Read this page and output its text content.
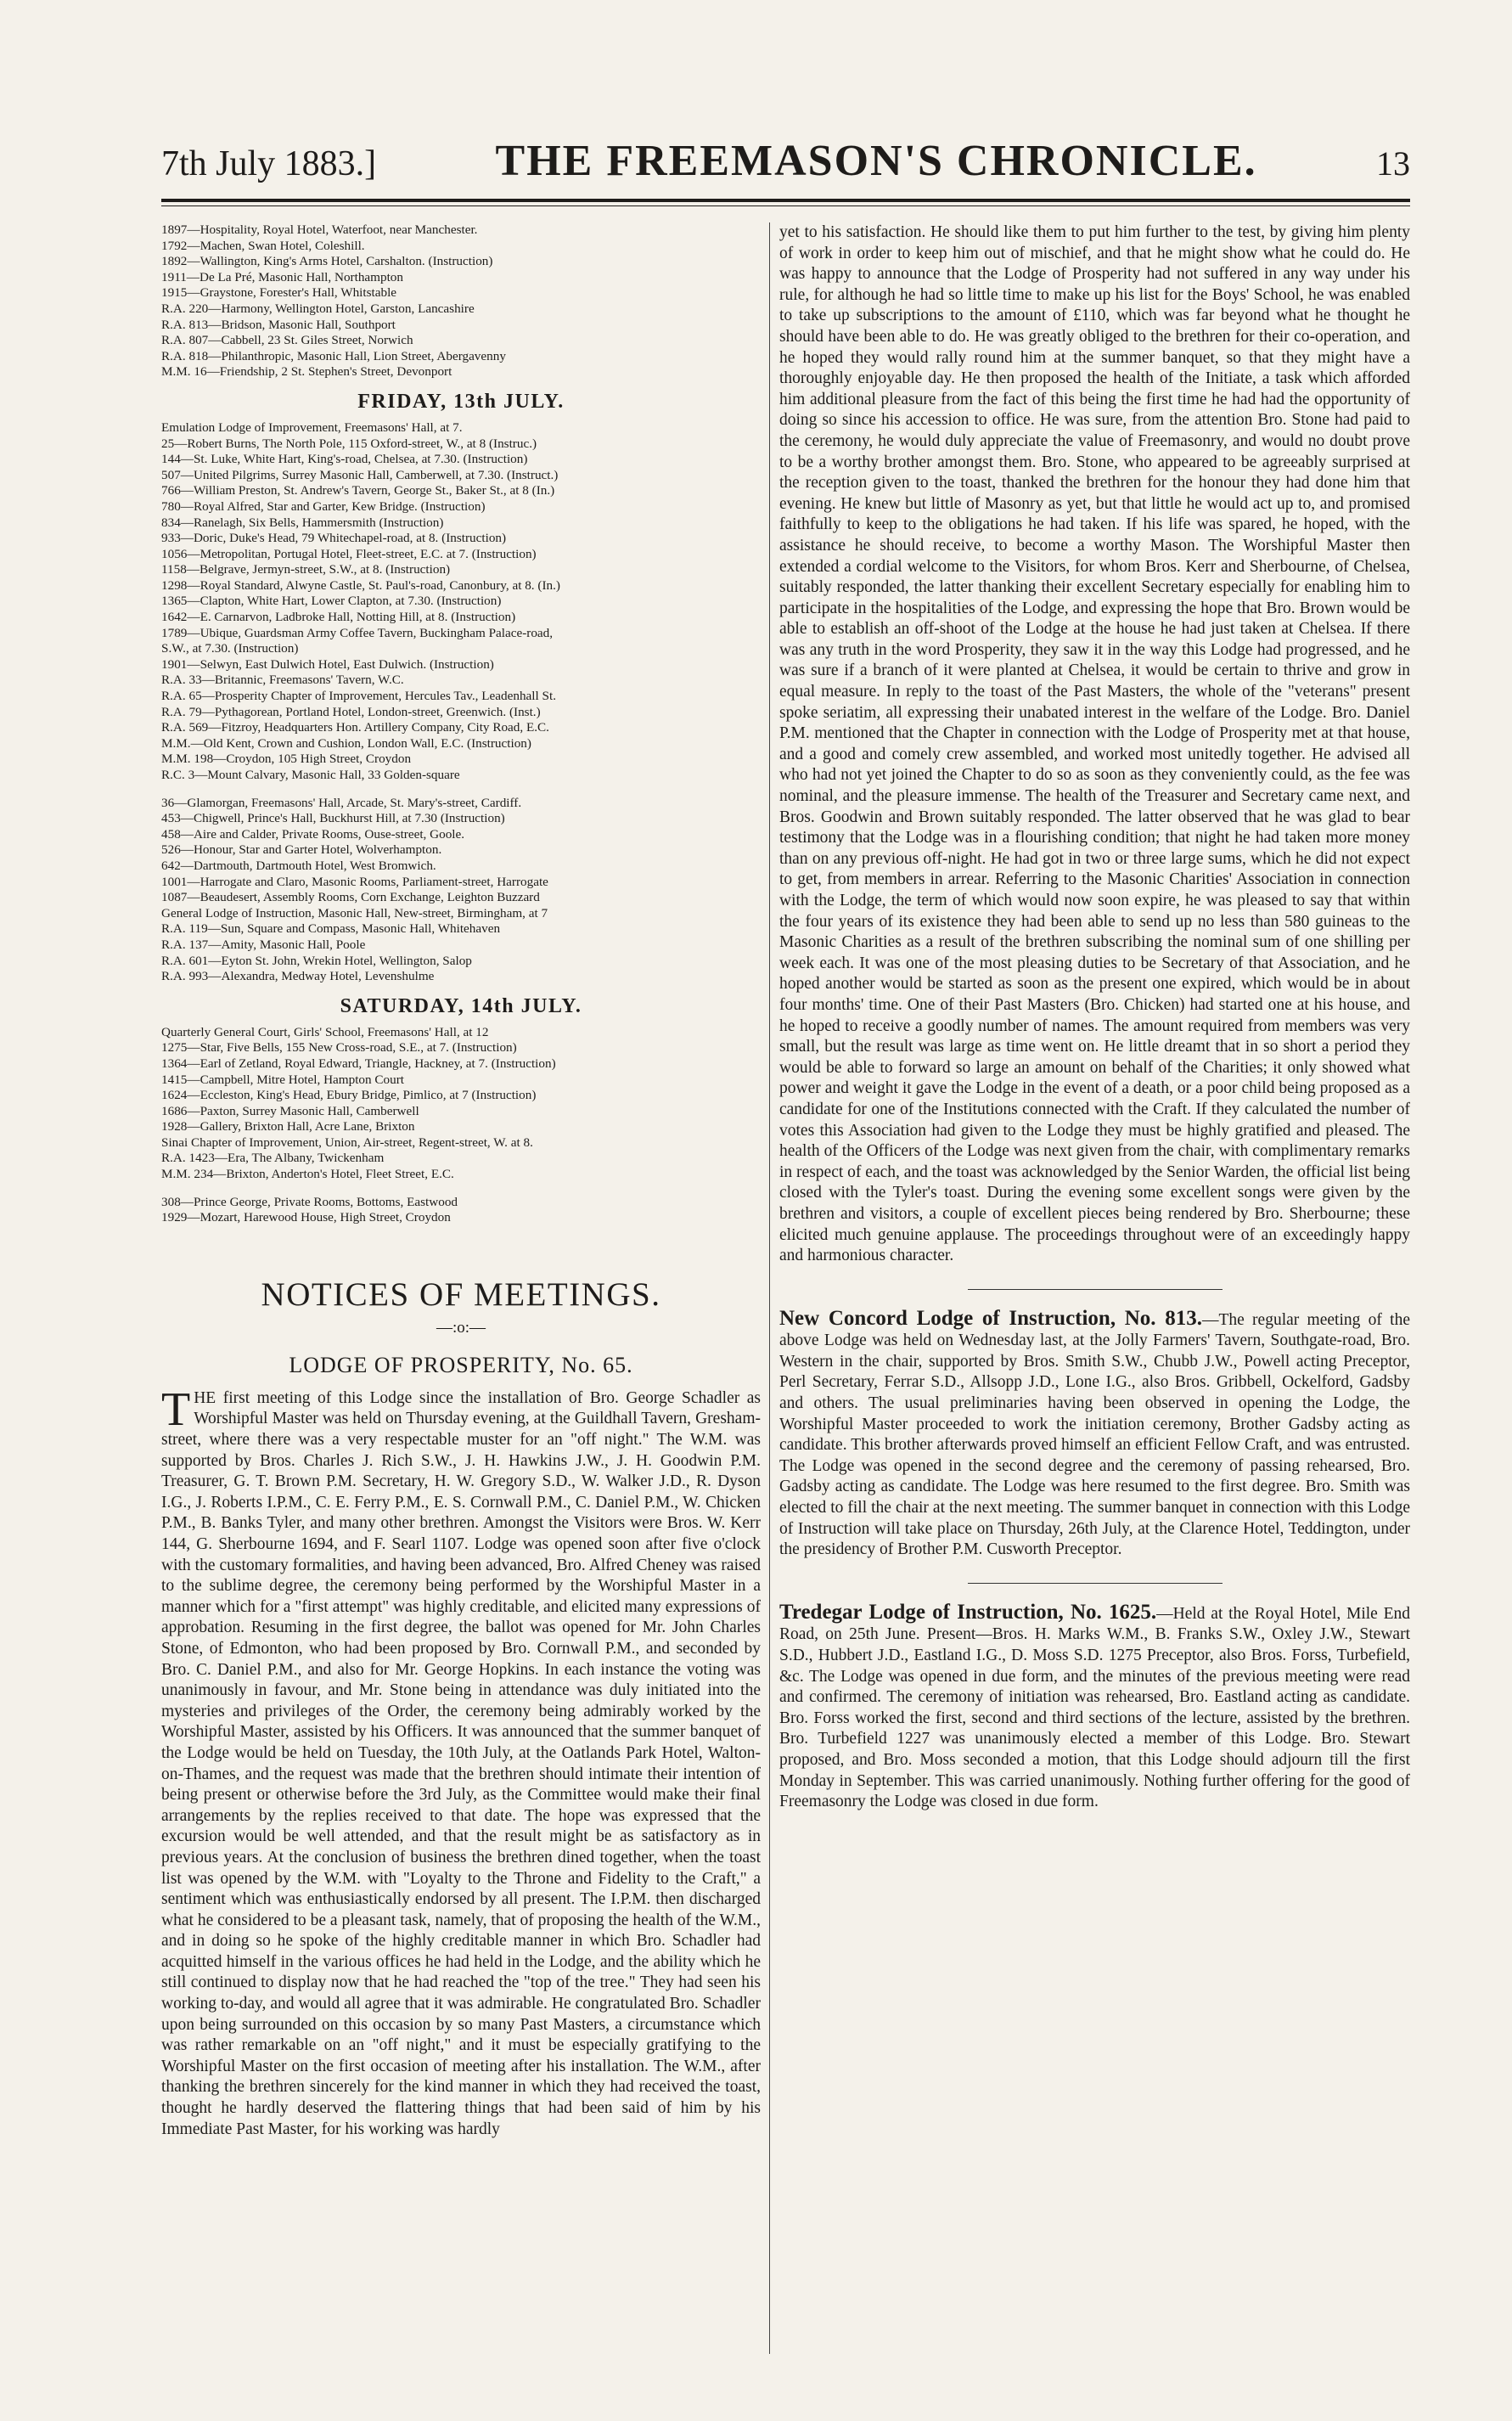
7th July 1883.]	THE FREEMASON'S CHRONICLE.	13
1897—Hospitality, Royal Hotel, Waterfoot, near Manchester.
1792—Machen, Swan Hotel, Coleshill.
1892—Wallington, King's Arms Hotel, Carshalton. (Instruction)
1911—De La Pré, Masonic Hall, Northampton
1915—Graystone, Forester's Hall, Whitstable
R.A. 220—Harmony, Wellington Hotel, Garston, Lancashire
R.A. 813—Bridson, Masonic Hall, Southport
R.A. 807—Cabbell, 23 St. Giles Street, Norwich
R.A. 818—Philanthropic, Masonic Hall, Lion Street, Abergavenny
M.M. 16—Friendship, 2 St. Stephen's Street, Devonport
FRIDAY, 13th JULY.
Emulation Lodge of Improvement, Freemasons' Hall, at 7.
25—Robert Burns, The North Pole, 115 Oxford-street, W., at 8 (Instruc.)
144—St. Luke, White Hart, King's-road, Chelsea, at 7.30. (Instruction)
507—United Pilgrims, Surrey Masonic Hall, Camberwell, at 7.30. (Instruct.)
766—William Preston, St. Andrew's Tavern, George St., Baker St., at 8 (In.)
780—Royal Alfred, Star and Garter, Kew Bridge. (Instruction)
834—Ranelagh, Six Bells, Hammersmith (Instruction)
933—Doric, Duke's Head, 79 Whitechapel-road, at 8. (Instruction)
1056—Metropolitan, Portugal Hotel, Fleet-street, E.C. at 7. (Instruction)
1158—Belgrave, Jermyn-street, S.W., at 8. (Instruction)
1298—Royal Standard, Alwyne Castle, St. Paul's-road, Canonbury, at 8. (In.)
1365—Clapton, White Hart, Lower Clapton, at 7.30. (Instruction)
1642—E. Carnarvon, Ladbroke Hall, Notting Hill, at 8. (Instruction)
1789—Ubique, Guardsman Army Coffee Tavern, Buckingham Palace-road,
S.W., at 7.30. (Instruction)
1901—Selwyn, East Dulwich Hotel, East Dulwich. (Instruction)
R.A. 33—Britannic, Freemasons' Tavern, W.C.
R.A. 65—Prosperity Chapter of Improvement, Hercules Tav., Leadenhall St.
R.A. 79—Pythagorean, Portland Hotel, London-street, Greenwich. (Inst.)
R.A. 569—Fitzroy, Headquarters Hon. Artillery Company, City Road, E.C.
M.M.—Old Kent, Crown and Cushion, London Wall, E.C. (Instruction)
M.M. 198—Croydon, 105 High Street, Croydon
R.C. 3—Mount Calvary, Masonic Hall, 33 Golden-square
36—Glamorgan, Freemasons' Hall, Arcade, St. Mary's-street, Cardiff.
453—Chigwell, Prince's Hall, Buckhurst Hill, at 7.30 (Instruction)
458—Aire and Calder, Private Rooms, Ouse-street, Goole.
526—Honour, Star and Garter Hotel, Wolverhampton.
642—Dartmouth, Dartmouth Hotel, West Bromwich.
1001—Harrogate and Claro, Masonic Rooms, Parliament-street, Harrogate
1087—Beaudesert, Assembly Rooms, Corn Exchange, Leighton Buzzard
General Lodge of Instruction, Masonic Hall, New-street, Birmingham, at 7
R.A. 119—Sun, Square and Compass, Masonic Hall, Whitehaven
R.A. 137—Amity, Masonic Hall, Poole
R.A. 601—Eyton St. John, Wrekin Hotel, Wellington, Salop
R.A. 993—Alexandra, Medway Hotel, Levenshulme
SATURDAY, 14th JULY.
Quarterly General Court, Girls' School, Freemasons' Hall, at 12
1275—Star, Five Bells, 155 New Cross-road, S.E., at 7. (Instruction)
1364—Earl of Zetland, Royal Edward, Triangle, Hackney, at 7. (Instruction)
1415—Campbell, Mitre Hotel, Hampton Court
1624—Eccleston, King's Head, Ebury Bridge, Pimlico, at 7 (Instruction)
1686—Paxton, Surrey Masonic Hall, Camberwell
1928—Gallery, Brixton Hall, Acre Lane, Brixton
Sinai Chapter of Improvement, Union, Air-street, Regent-street, W. at 8.
R.A. 1423—Era, The Albany, Twickenham
M.M. 234—Brixton, Anderton's Hotel, Fleet Street, E.C.
308—Prince George, Private Rooms, Bottoms, Eastwood
1929—Mozart, Harewood House, High Street, Croydon
NOTICES OF MEETINGS.
—:o:—
LODGE OF PROSPERITY, No. 65.

THE first meeting of this Lodge since the installation of Bro. George Schadler as Worshipful Master was held on Thursday evening, at the Guildhall Tavern, Gresham-street, where there was a very respectable muster for an "off night." The W.M. was supported by Bros. Charles J. Rich S.W., J. H. Hawkins J.W., J. H. Goodwin P.M. Treasurer, G. T. Brown P.M. Secretary, H. W. Gregory S.D., W. Walker J.D., R. Dyson I.G., J. Roberts I.P.M., C. E. Ferry P.M., E. S. Cornwall P.M., C. Daniel P.M., W. Chicken P.M., B. Banks Tyler, and many other brethren. Amongst the Visitors were Bros. W. Kerr 144, G. Sherbourne 1694, and F. Searl 1107. Lodge was opened soon after five o'clock with the customary formalities, and having been advanced, Bro. Alfred Cheney was raised to the sublime degree, the ceremony being performed by the Worshipful Master in a manner which for a "first attempt" was highly creditable, and elicited many expressions of approbation. Resuming in the first degree, the ballot was opened for Mr. John Charles Stone, of Edmonton, who had been proposed by Bro. Cornwall P.M., and seconded by Bro. C. Daniel P.M., and also for Mr. George Hopkins. In each instance the voting was unanimously in favour, and Mr. Stone being in attendance was duly initiated into the mysteries and privileges of the Order, the ceremony being admirably worked by the Worshipful Master, assisted by his Officers. It was announced that the summer banquet of the Lodge would be held on Tuesday, the 10th July, at the Oatlands Park Hotel, Walton-on-Thames, and the request was made that the brethren should intimate their intention of being present or otherwise before the 3rd July, as the Committee would make their final arrangements by the replies received to that date. The hope was expressed that the excursion would be well attended, and that the result might be as satisfactory as in previous years. At the conclusion of business the brethren dined together, when the toast list was opened by the W.M. with "Loyalty to the Throne and Fidelity to the Craft," a sentiment which was enthusiastically endorsed by all present. The I.P.M. then discharged what he considered to be a pleasant task, namely, that of proposing the health of the W.M., and in doing so he spoke of the highly creditable manner in which Bro. Schadler had acquitted himself in the various offices he had held in the Lodge, and the ability which he still continued to display now that he had reached the "top of the tree." They had seen his working to-day, and would all agree that it was admirable. He congratulated Bro. Schadler upon being surrounded on this occasion by so many Past Masters, a circumstance which was rather remarkable on an "off night," and it must be especially gratifying to the Worshipful Master on the first occasion of meeting after his installation. The W.M., after thanking the brethren sincerely for the kind manner in which they had received the toast, thought he hardly deserved the flattering things that had been said of him by his Immediate Past Master, for his working was hardly

yet to his satisfaction. He should like them to put him further to the test, by giving him plenty of work in order to keep him out of mischief, and that he might show what he could do. He was happy to announce that the Lodge of Prosperity had not suffered in any way under his rule, for although he had so little time to make up his list for the Boys' School, he was enabled to take up subscriptions to the amount of £110, which was far beyond what he thought he should have been able to do. He was greatly obliged to the brethren for their co-operation, and he hoped they would rally round him at the summer banquet, so that they might have a thoroughly enjoyable day. He then proposed the health of the Initiate, a task which afforded him additional pleasure from the fact of this being the first time he had had the opportunity of doing so since his accession to office. He was sure, from the attention Bro. Stone had paid to the ceremony, he would duly appreciate the value of Freemasonry, and would no doubt prove to be a worthy brother amongst them. Bro. Stone, who appeared to be agreeably surprised at the reception given to the toast, thanked the brethren for the honour they had done him that evening. He knew but little of Masonry as yet, but that little he would act up to, and promised faithfully to keep to the obligations he had taken. If his life was spared, he hoped, with the assistance he should receive, to become a worthy Mason. The Worshipful Master then extended a cordial welcome to the Visitors, for whom Bros. Kerr and Sherbourne, of Chelsea, suitably responded, the latter thanking their excellent Secretary especially for enabling him to participate in the hospitalities of the Lodge, and expressing the hope that Bro. Brown would be able to establish an off-shoot of the Lodge at the house he had just taken at Chelsea. If there was any truth in the word Prosperity, they saw it in the way this Lodge had progressed, and he was sure if a branch of it were planted at Chelsea, it would be certain to thrive and grow in equal measure. In reply to the toast of the Past Masters, the whole of the "veterans" present spoke seriatim, all expressing their unabated interest in the welfare of the Lodge. Bro. Daniel P.M. mentioned that the Chapter in connection with the Lodge of Prosperity met at that house, and a good and comely crew assembled, and worked most unitedly together. He advised all who had not yet joined the Chapter to do so as soon as they conveniently could, as the fee was nominal, and the pleasure immense. The health of the Treasurer and Secretary came next, and Bros. Goodwin and Brown suitably responded. The latter observed that he was glad to bear testimony that the Lodge was in a flourishing condition; that night he had taken more money than on any previous off-night. He had got in two or three large sums, which he did not expect to get, from members in arrear. Referring to the Masonic Charities' Association in connection with the Lodge, the term of which would now soon expire, he was pleased to say that within the four years of its existence they had been able to send up no less than 580 guineas to the Masonic Charities as a result of the brethren subscribing the nominal sum of one shilling per week each. It was one of the most pleasing duties to be Secretary of that Association, and he hoped another would be started as soon as the present one expired, which would be in about four months' time. One of their Past Masters (Bro. Chicken) had started one at his house, and he hoped to receive a goodly number of names. The amount required from members was very small, but the result was large as time went on. He little dreamt that in so short a period they would be able to forward so large an amount on behalf of the Charities; it only showed what power and weight it gave the Lodge in the event of a death, or a poor child being proposed as a candidate for one of the Institutions connected with the Craft. If they calculated the number of votes this Association had given to the Lodge they must be highly gratified and pleased. The health of the Officers of the Lodge was next given from the chair, with complimentary remarks in respect of each, and the toast was acknowledged by the Senior Warden, the official list being closed with the Tyler's toast. During the evening some excellent songs were given by the brethren and visitors, a couple of excellent pieces being rendered by Bro. Sherbourne; these elicited much genuine applause. The proceedings throughout were of an exceedingly happy and harmonious character.

New Concord Lodge of Instruction, No. 813.—The regular meeting of the above Lodge was held on Wednesday last, at the Jolly Farmers' Tavern, Southgate-road, Bro. Western in the chair, supported by Bros. Smith S.W., Chubb J.W., Powell acting Preceptor, Perl Secretary, Ferrar S.D., Allsopp J.D., Lone I.G., also Bros. Gribbell, Ockelford, Gadsby and others. The usual preliminaries having been observed in opening the Lodge, the Worshipful Master proceeded to work the initiation ceremony, Brother Gadsby acting as candidate. This brother afterwards proved himself an efficient Fellow Craft, and was entrusted. The Lodge was opened in the second degree and the ceremony of passing rehearsed, Bro. Gadsby acting as candidate. The Lodge was here resumed to the first degree. Bro. Smith was elected to fill the chair at the next meeting. The summer banquet in connection with this Lodge of Instruction will take place on Thursday, 26th July, at the Clarence Hotel, Teddington, under the presidency of Brother P.M. Cusworth Preceptor.

Tredegar Lodge of Instruction, No. 1625.—Held at the Royal Hotel, Mile End Road, on 25th June. Present—Bros. H. Marks W.M., B. Franks S.W., Oxley J.W., Stewart S.D., Hubbert J.D., Eastland I.G., D. Moss S.D. 1275 Preceptor, also Bros. Forss, Turbefield, &c. The Lodge was opened in due form, and the minutes of the previous meeting were read and confirmed. The ceremony of initiation was rehearsed, Bro. Eastland acting as candidate. Bro. Forss worked the first, second and third sections of the lecture, assisted by the brethren. Bro. Turbefield 1227 was unanimously elected a member of this Lodge. Bro. Stewart proposed, and Bro. Moss seconded a motion, that this Lodge should adjourn till the first Monday in September. This was carried unanimously. Nothing further offering for the good of Freemasonry the Lodge was closed in due form.
